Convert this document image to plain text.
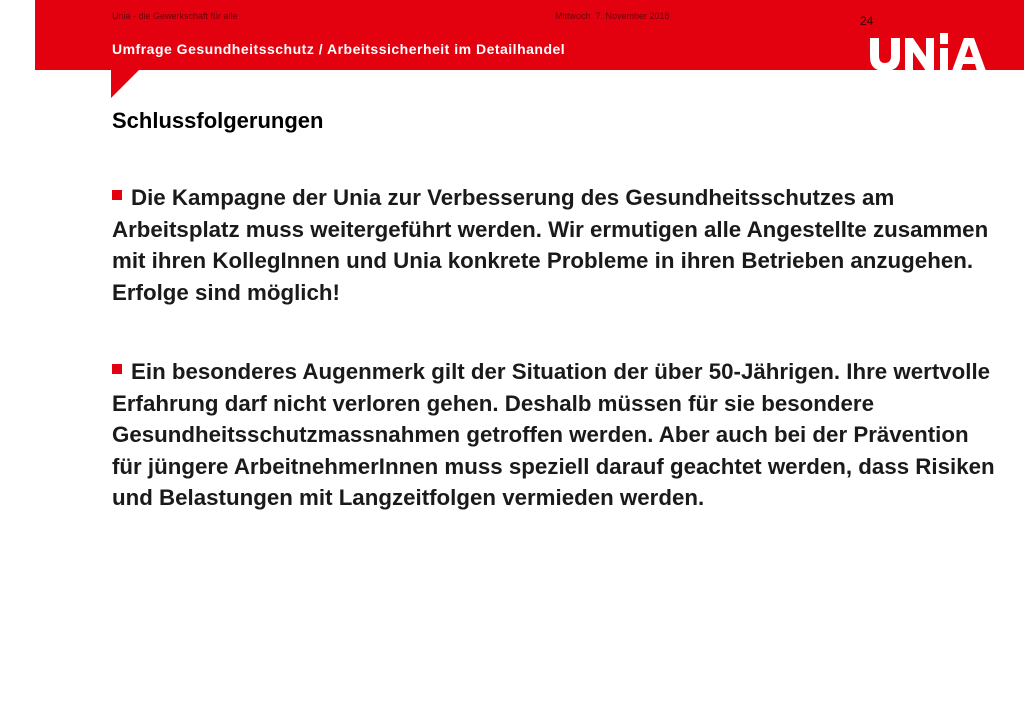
Unia - die Gewerkschaft für alle	Mittwoch, 7. November 2018	24
Umfrage Gesundheitsschutz / Arbeitssicherheit im Detailhandel
Schlussfolgerungen
Die Kampagne der Unia zur Verbesserung des Gesundheitsschutzes am Arbeitsplatz muss weitergeführt werden. Wir ermutigen alle Angestellte zusammen mit ihren KollegInnen und Unia konkrete Probleme in ihren Betrieben anzugehen. Erfolge sind möglich!
Ein besonderes Augenmerk gilt der Situation der über 50-Jährigen. Ihre wertvolle Erfahrung darf nicht verloren gehen. Deshalb müssen für sie besondere Gesundheitsschutzmassnahmen getroffen werden. Aber auch bei der Prävention für jüngere ArbeitnehmerInnen muss speziell darauf geachtet werden, dass Risiken und Belastungen mit Langzeitfolgen vermieden werden.
